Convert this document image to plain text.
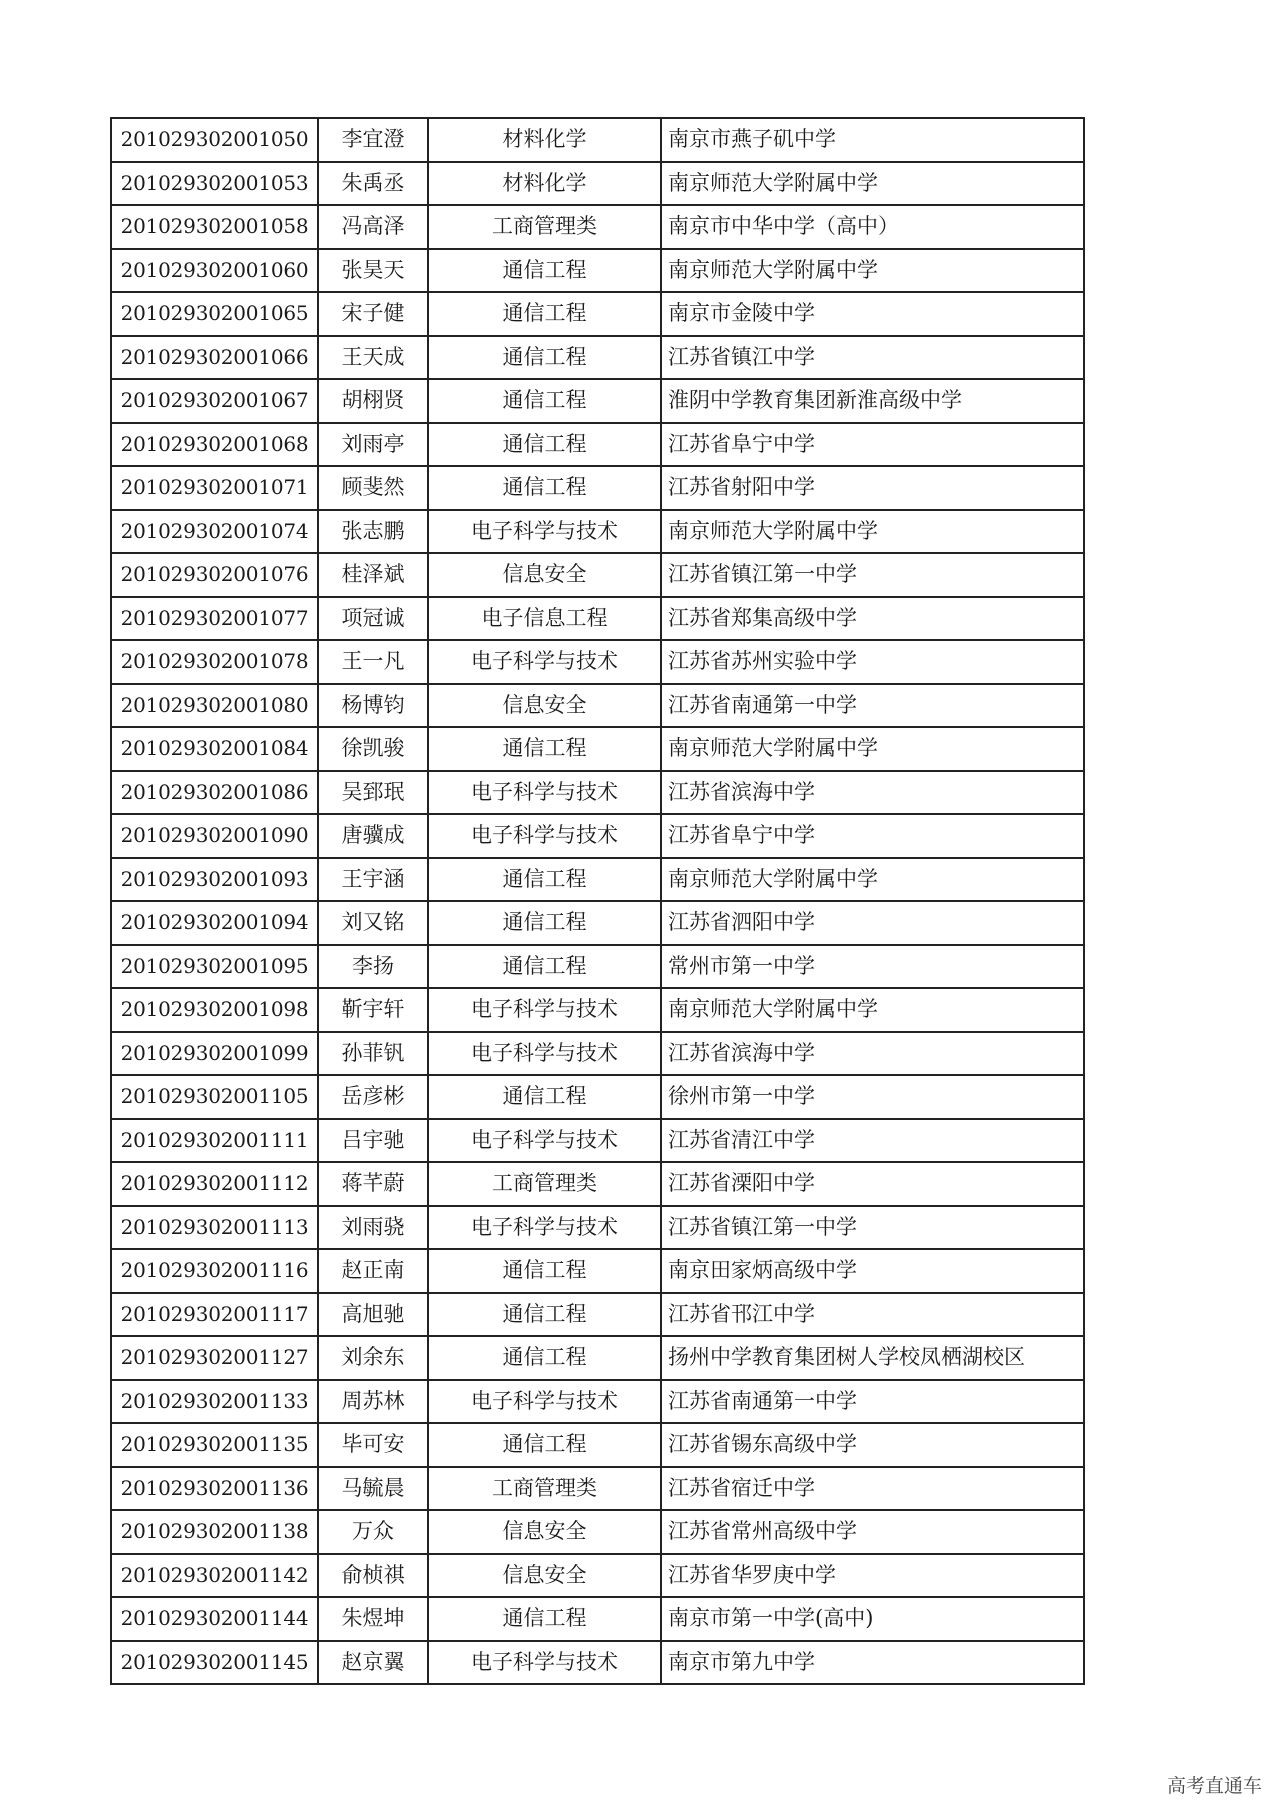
201029302001050	李宜澄	材料化学	南京市燕子矶中学
201029302001053	朱禹丞	材料化学	南京师范大学附属中学
201029302001058	冯高泽	工商管理类	南京市中华中学（高中）
201029302001060	张昊天	通信工程	南京师范大学附属中学
201029302001065	宋子健	通信工程	南京市金陵中学
201029302001066	王天成	通信工程	江苏省镇江中学
201029302001067	胡栩贤	通信工程	淮阴中学教育集团新淮高级中学
201029302001068	刘雨亭	通信工程	江苏省阜宁中学
201029302001071	顾斐然	通信工程	江苏省射阳中学
201029302001074	张志鹏	电子科学与技术	南京师范大学附属中学
201029302001076	桂泽斌	信息安全	江苏省镇江第一中学
201029302001077	项冠诚	电子信息工程	江苏省郑集高级中学
201029302001078	王一凡	电子科学与技术	江苏省苏州实验中学
201029302001080	杨博钧	信息安全	江苏省南通第一中学
201029302001084	徐凯骏	通信工程	南京师范大学附属中学
201029302001086	吴郅珉	电子科学与技术	江苏省滨海中学
201029302001090	唐骥成	电子科学与技术	江苏省阜宁中学
201029302001093	王宇涵	通信工程	南京师范大学附属中学
201029302001094	刘又铭	通信工程	江苏省泗阳中学
201029302001095	李扬	通信工程	常州市第一中学
201029302001098	靳宇轩	电子科学与技术	南京师范大学附属中学
201029302001099	孙菲钒	电子科学与技术	江苏省滨海中学
201029302001105	岳彦彬	通信工程	徐州市第一中学
201029302001111	吕宇驰	电子科学与技术	江苏省清江中学
201029302001112	蒋芊蔚	工商管理类	江苏省溧阳中学
201029302001113	刘雨骁	电子科学与技术	江苏省镇江第一中学
201029302001116	赵正南	通信工程	南京田家炳高级中学
201029302001117	高旭驰	通信工程	江苏省邗江中学
201029302001127	刘余东	通信工程	扬州中学教育集团树人学校凤栖湖校区
201029302001133	周苏林	电子科学与技术	江苏省南通第一中学
201029302001135	毕可安	通信工程	江苏省锡东高级中学
201029302001136	马毓晨	工商管理类	江苏省宿迁中学
201029302001138	万众	信息安全	江苏省常州高级中学
201029302001142	俞桢祺	信息安全	江苏省华罗庚中学
201029302001144	朱煜坤	通信工程	南京市第一中学(高中)
201029302001145	赵京翼	电子科学与技术	南京市第九中学
高考直通车
